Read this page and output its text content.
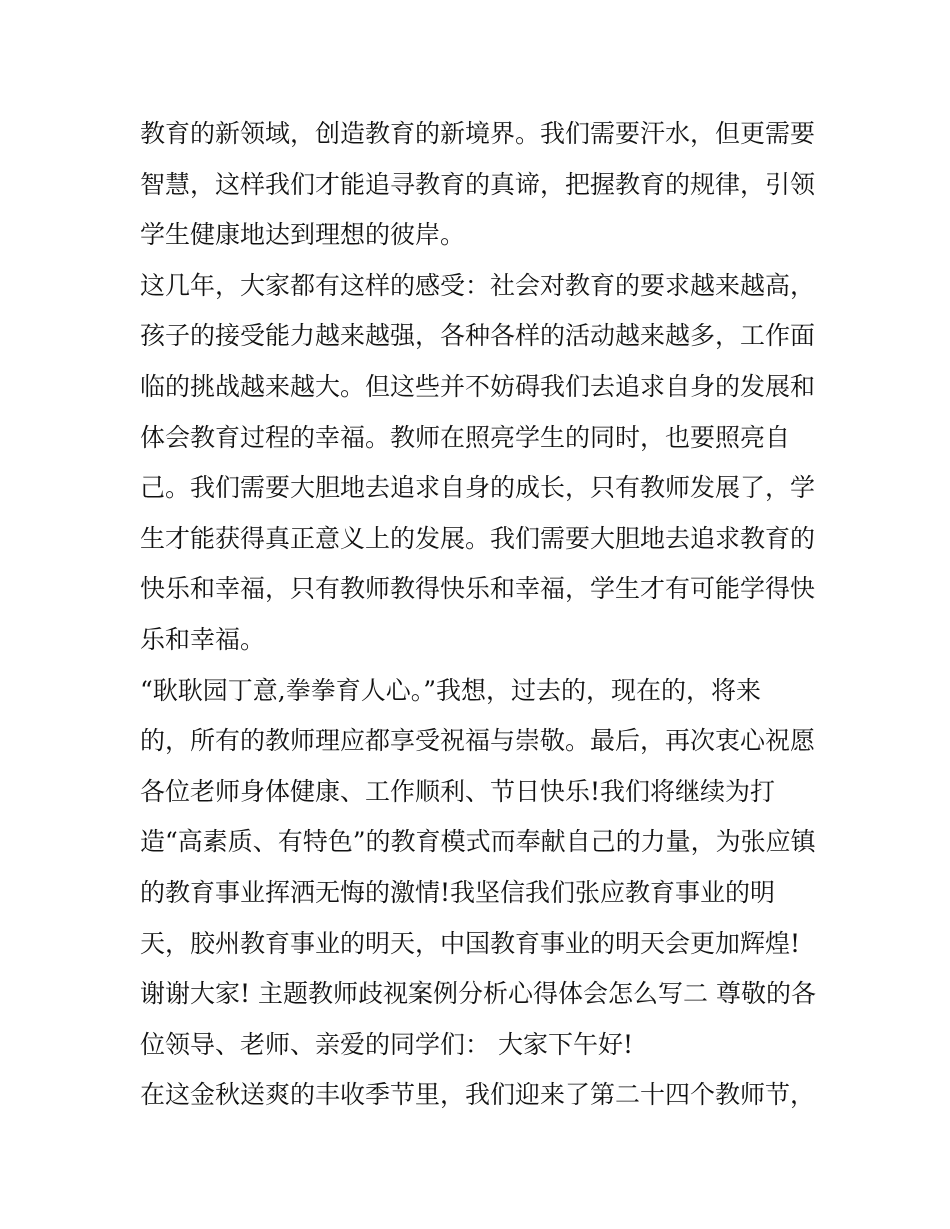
教育的新领域，创造教育的新境界。我们需要汗水，但更需要
智慧，这样我们才能追寻教育的真谛，把握教育的规律，引领
学生健康地达到理想的彼岸。
这几年，大家都有这样的感受：社会对教育的要求越来越高，
孩子的接受能力越来越强，各种各样的活动越来越多，工作面
临的挑战越来越大。但这些并不妨碍我们去追求自身的发展和
体会教育过程的幸福。教师在照亮学生的同时，也要照亮自
己。我们需要大胆地去追求自身的成长，只有教师发展了，学
生才能获得真正意义上的发展。我们需要大胆地去追求教育的
快乐和幸福，只有教师教得快乐和幸福，学生才有可能学得快
乐和幸福。
“耿耿园丁意,拳拳育人心。”我想，过去的，现在的，将来
的，所有的教师理应都享受祝福与崇敬。最后，再次衷心祝愿
各位老师身体健康、工作顺利、节日快乐!我们将继续为打
造“高素质、有特色”的教育模式而奉献自己的力量，为张应镇
的教育事业挥洒无悔的激情!我坚信我们张应教育事业的明
天，胶州教育事业的明天，中国教育事业的明天会更加辉煌!
谢谢大家! 主题教师歧视案例分析心得体会怎么写二 尊敬的各
位领导、老师、亲爱的同学们： 大家下午好!
在这金秋送爽的丰收季节里，我们迎来了第二十四个教师节，
